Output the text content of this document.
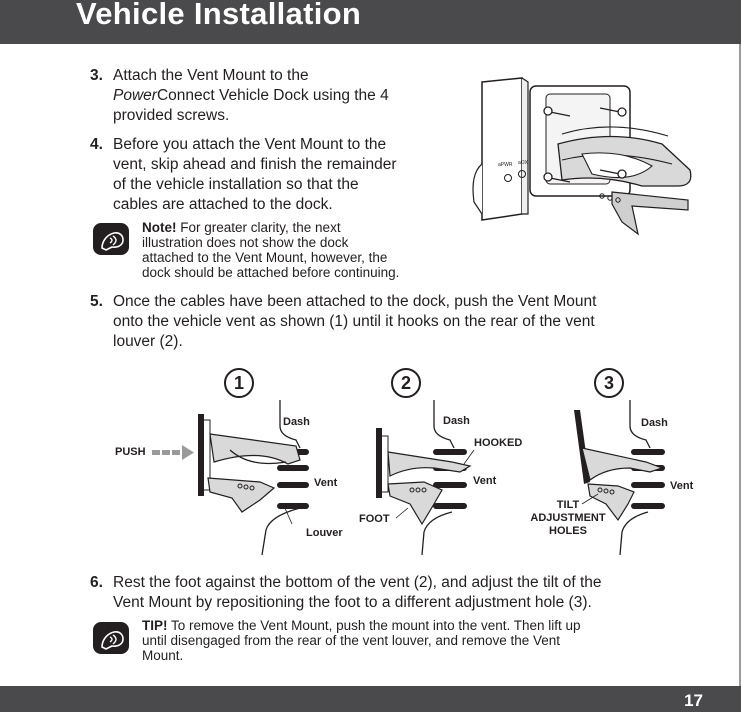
Vehicle Installation
3. Attach the Vent Mount to the
PowerConnect Vehicle Dock using the 4
provided screws.
4. Before you attach the Vent Mount to the
vent, skip ahead and finish the remainder
of the vehicle installation so that the
cables are attached to the dock.
Note! For greater clarity, the next
illustration does not show the dock
attached to the Vent Mount, however, the
dock should be attached before continuing.
5. Once the cables have been attached to the dock, push the Vent Mount
onto the vehicle vent as shown (1) until it hooks on the rear of the vent
louver (2).
aPWR aOX
1
Dash
Vent
Louver
PUSH
2
Dash
HOOKED
Vent
FOOT
3
Dash
Vent
TILT
ADJUSTMENT
HOLES
6. Rest the foot against the bottom of the vent (2), and adjust the tilt of the
Vent Mount by repositioning the foot to a different adjustment hole (3).
TIP! To remove the Vent Mount, push the mount into the vent. Then lift up
until disengaged from the rear of the vent louver, and remove the Vent
Mount.
17
